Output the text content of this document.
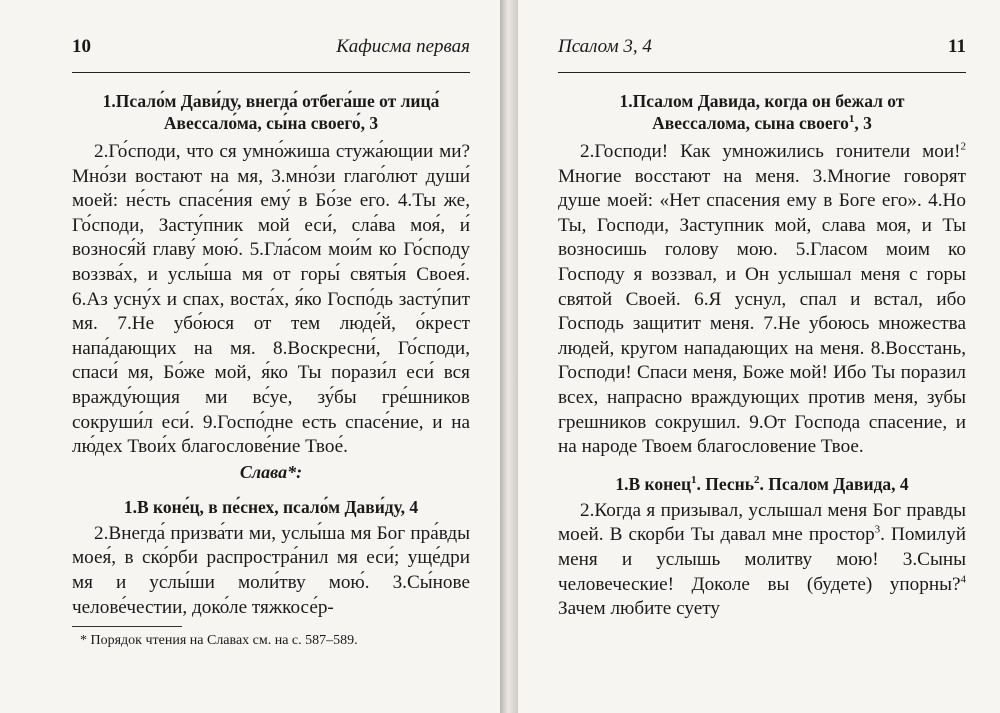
10	Кафисма первая
1.Псало́м Дави́ду, внегда́ отбега́ше от лица́
Авессало́ма, сы́на своего́, 3

2.Го́споди, что ся умно́жиша стужа́ющии ми? Мно́зи востают на мя, 3.мно́зи глаго́лют души́ моей: не́сть спасе́ния ему́ в Бо́зе его. 4.Ты же, Го́споди, Засту́пник мой еси́, сла́ва моя́, и́ вознося́й главу́ мою́. 5.Гла́сом мои́м ко Го́споду воззва́х, и услы́ша мя от горы́ святы́я Своея́. 6.Аз усну́х и спах, воста́х, я́ко Госпо́дь засту́пит мя. 7.Не убо́юся от тем люде́й, о́крест напа́дающих на мя. 8.Воскресни́, Го́споди, спаси́ мя, Бо́же мой, я́ко Ты порази́л еси́ вся вражду́ющия ми вс́уе, зу́бы гре́шников сокруши́л еси́. 9.Госпо́дне есть спасе́ние, и на лю́дех Твои́х благослове́ние Твое́.

Слава*:
1.В коне́ц, в пе́снех, псало́м Дави́ду, 4

2.Внегда́ призва́ти ми, услы́ша мя Бог пра́вды моея́, в ско́рби распростра́нил мя еси́; уще́дри мя и услы́ши моли́тву мою́. 3.Сы́нове челове́честии, доко́ле тяжкосе́р-

* Порядок чтения на Славах см. на с. 587–589.
Псалом 3, 4	11
1.Псалом Давида, когда он бежал от
Авессалома, сына своего$^1$, 3

2.Господи! Как умножились гонители мои!$^2$ Многие восстают на меня. 3.Многие говорят душе моей: «Нет спасения ему в Боге его». 4.Но Ты, Господи, Заступник мой, слава моя, и Ты возносишь голову мою. 5.Гласом моим ко Господу я воззвал, и Он услышал меня с горы святой Своей. 6.Я уснул, спал и встал, ибо Господь защитит меня. 7.Не убоюсь множества людей, кругом нападающих на меня. 8.Восстань, Господи! Спаси меня, Боже мой! Ибо Ты поразил всех, напрасно враждующих против меня, зубы грешников сокрушил. 9.От Господа спасение, и на народе Твоем благословение Твое.

1.В конец$^1$. Песнь$^2$. Псалом Давида, 4

2.Когда я призывал, услышал меня Бог правды моей. В скорби Ты давал мне простор$^3$. Помилуй меня и услышь молитву мою! 3.Сыны человеческие! Доколе вы (будете) упорны?$^4$ Зачем любите суету
